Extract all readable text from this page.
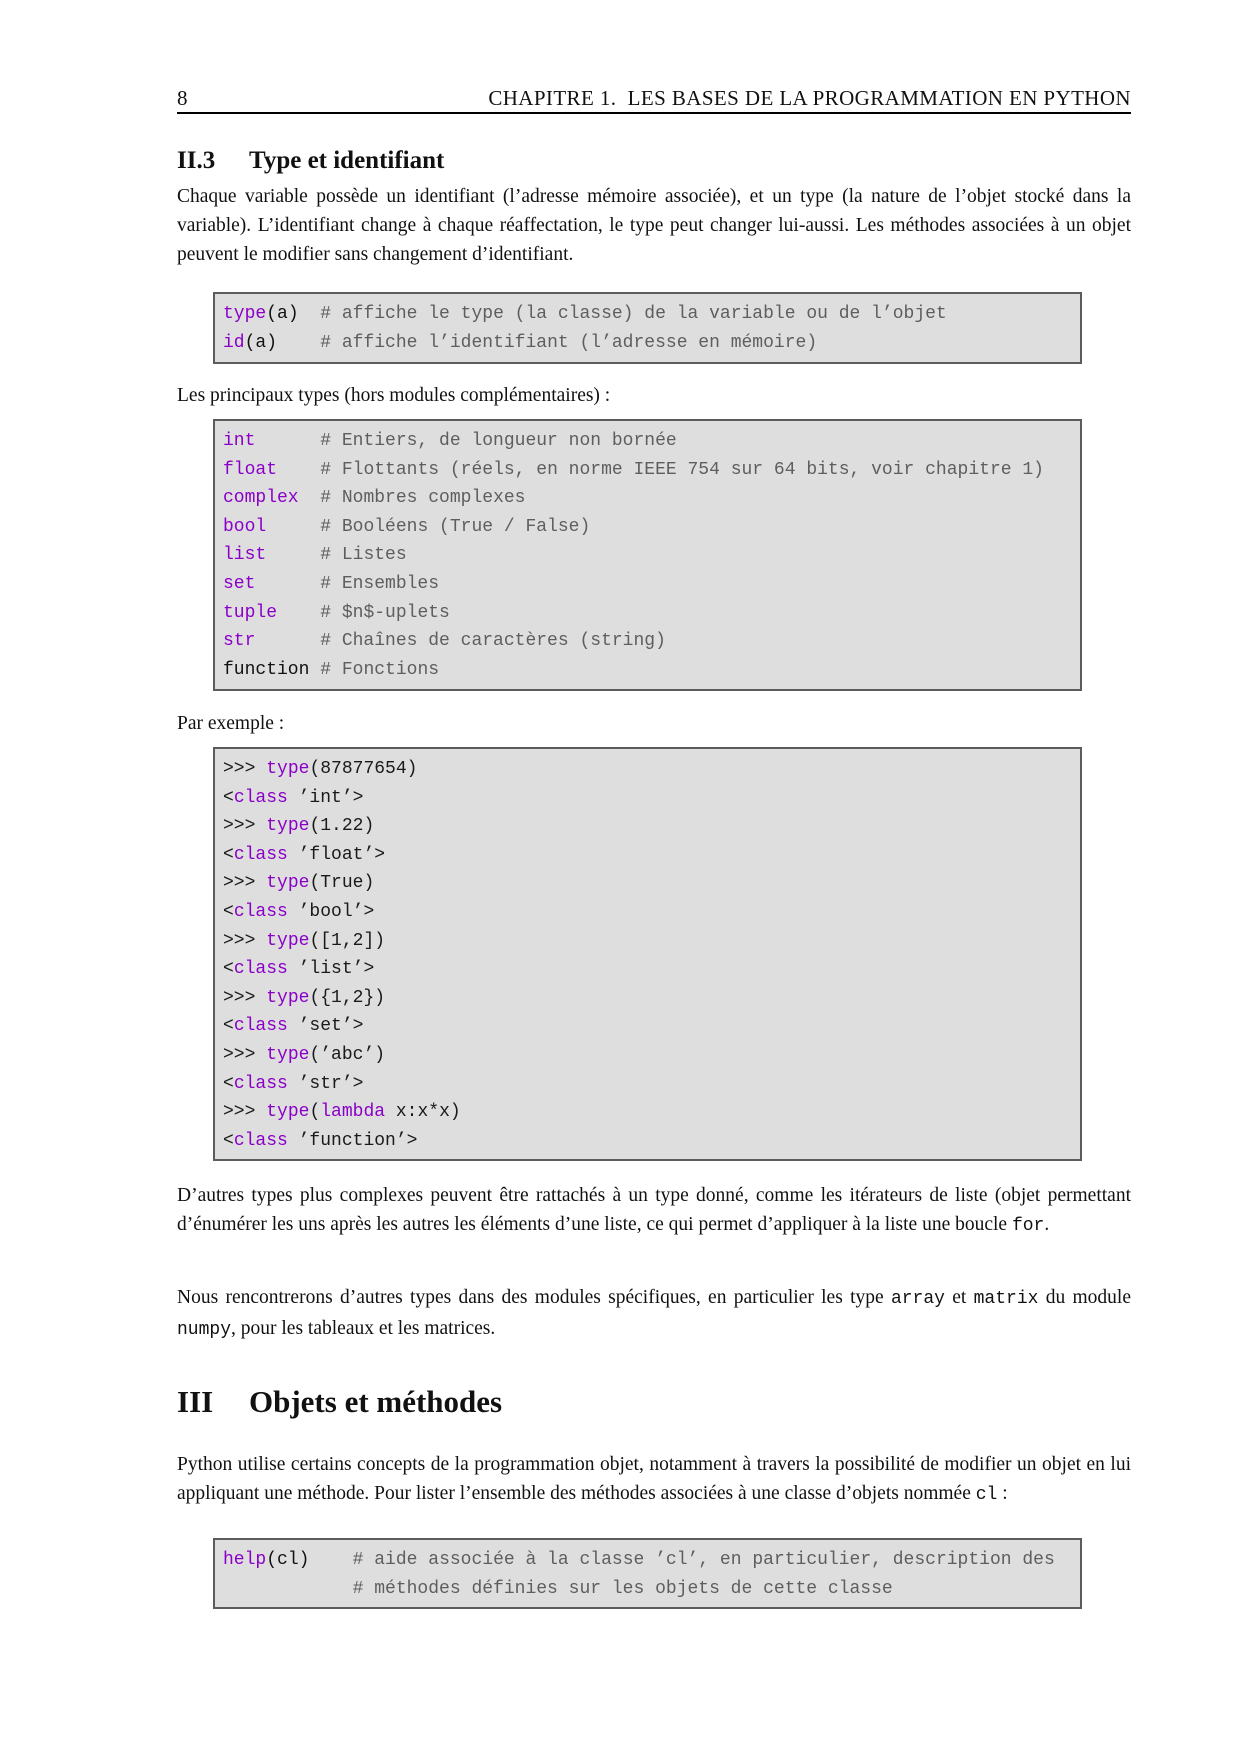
8	CHAPITRE 1.  LES BASES DE LA PROGRAMMATION EN PYTHON
II.3 Type et identifiant

Chaque variable possède un identifiant (l’adresse mémoire associée), et un type (la nature de l’objet stocké dans la variable). L’identifiant change à chaque réaffectation, le type peut changer lui-aussi. Les méthodes associées à un objet peuvent le modifier sans changement d’identifiant.

type(a) # affiche le type (la classe) de la variable ou de l’objet
id(a) # affiche l’identifiant (l’adresse en mémoire)

Les principaux types (hors modules complémentaires) :

int	# Entiers, de longueur non bornée
float # Flottants (réels, en norme IEEE 754 sur 64 bits, voir chapitre 1)
complex # Nombres complexes
bool	# Booléens (True / False)
list	# Listes
set	# Ensembles
tuple # $n$-uplets
str	# Chaînes de caractères (string)
function # Fonctions

Par exemple :

>>> type(87877654)
<class ’int’>
>>> type(1.22)
<class ’float’>
>>> type(True)
<class ’bool’>
>>> type([1,2])
<class ’list’>
>>> type({1,2})
<class ’set’>
>>> type(’abc’)
<class ’str’>
>>> type(lambda x:x*x)
<class ’function’>

D’autres types plus complexes peuvent être rattachés à un type donné, comme les itérateurs de liste (objet permettant d’énumérer les uns après les autres les éléments d’une liste, ce qui permet d’appliquer à la liste une boucle for.

Nous rencontrerons d’autres types dans des modules spécifiques, en particulier les type array et matrix du module numpy, pour les tableaux et les matrices.

III Objets et méthodes

Python utilise certains concepts de la programmation objet, notamment à travers la possibilité de modifier un objet en lui appliquant une méthode. Pour lister l’ensemble des méthodes associées à une classe d’objets nommée cl :

help(cl) # aide associée à la classe ’cl’, en particulier, description des
# méthodes définies sur les objets de cette classe
